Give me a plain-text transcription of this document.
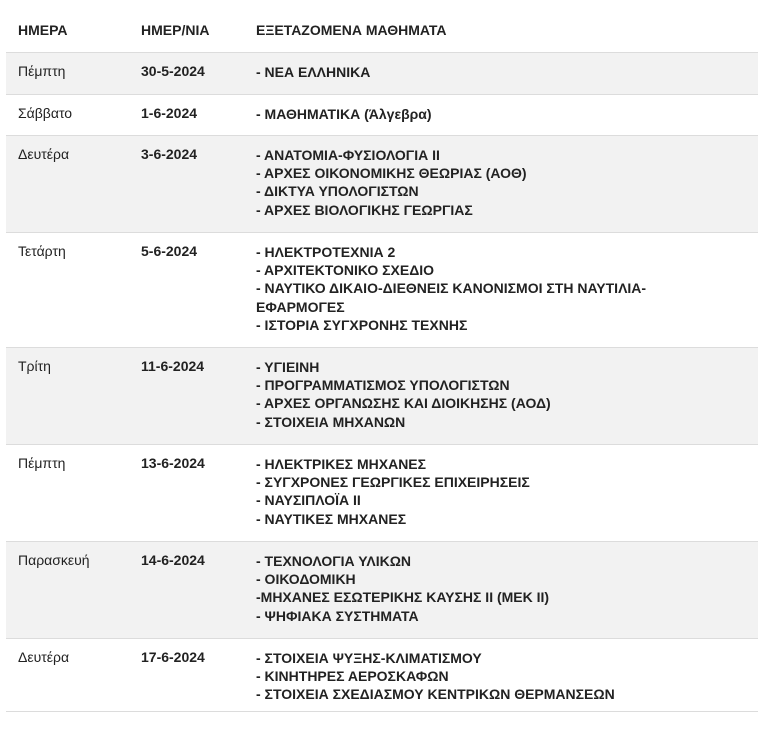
ΗΜΕΡΑ	ΗΜΕΡ/ΝΙΑ	ΕΞΕΤΑΖΟΜΕΝΑ ΜΑΘΗΜΑΤΑ
Πέμπτη	30-5-2024	- ΝΕΑ ΕΛΛΗΝΙΚΑ

Σάββατο	1-6-2024	- ΜΑΘΗΜΑΤΙΚΑ (Άλγεβρα)

Δευτέρα	3-6-2024	- ΑΝΑΤΟΜΙΑ-ΦΥΣΙΟΛΟΓΙΑ ΙΙ
- ΑΡΧΕΣ ΟΙΚΟΝΟΜΙΚΗΣ ΘΕΩΡΙΑΣ (ΑΟΘ)
- ΔΙΚΤΥΑ ΥΠΟΛΟΓΙΣΤΩΝ
- ΑΡΧΕΣ ΒΙΟΛΟΓΙΚΗΣ ΓΕΩΡΓΙΑΣ

Τετάρτη	5-6-2024	- ΗΛΕΚΤΡΟΤΕΧΝΙΑ 2
- ΑΡΧΙΤΕΚΤΟΝΙΚΟ ΣΧΕΔΙΟ
- ΝΑΥΤΙΚΟ ΔΙΚΑΙΟ-ΔΙΕΘΝΕΙΣ ΚΑΝΟΝΙΣΜΟΙ ΣΤΗ ΝΑΥΤΙΛΙΑ-ΕΦΑΡΜΟΓΕΣ
- ΙΣΤΟΡΙΑ ΣΥΓΧΡΟΝΗΣ ΤΕΧΝΗΣ

Τρίτη	11-6-2024	- ΥΓΙΕΙΝΗ
- ΠΡΟΓΡΑΜΜΑΤΙΣΜΟΣ ΥΠΟΛΟΓΙΣΤΩΝ
- ΑΡΧΕΣ ΟΡΓΑΝΩΣΗΣ ΚΑΙ ΔΙΟΙΚΗΣΗΣ (ΑΟΔ)
- ΣΤΟΙΧΕΙΑ ΜΗΧΑΝΩΝ

Πέμπτη	13-6-2024	- ΗΛΕΚΤΡΙΚΕΣ ΜΗΧΑΝΕΣ
- ΣΥΓΧΡΟΝΕΣ ΓΕΩΡΓΙΚΕΣ ΕΠΙΧΕΙΡΗΣΕΙΣ
- ΝΑΥΣΙΠΛΟΪΑ ΙΙ
- ΝΑΥΤΙΚΕΣ ΜΗΧΑΝΕΣ

Παρασκευή	14-6-2024	- ΤΕΧΝΟΛΟΓΙΑ ΥΛΙΚΩΝ
- ΟΙΚΟΔΟΜΙΚΗ
-ΜΗΧΑΝΕΣ ΕΣΩΤΕΡΙΚΗΣ ΚΑΥΣΗΣ ΙΙ (ΜΕΚ ΙΙ)
- ΨΗΦΙΑΚΑ ΣΥΣΤΗΜΑΤΑ

Δευτέρα	17-6-2024	- ΣΤΟΙΧΕΙΑ ΨΥΞΗΣ-ΚΛΙΜΑΤΙΣΜΟΥ
- ΚΙΝΗΤΗΡΕΣ ΑΕΡΟΣΚΑΦΩΝ
- ΣΤΟΙΧΕΙΑ ΣΧΕΔΙΑΣΜΟΥ ΚΕΝΤΡΙΚΩΝ ΘΕΡΜΑΝΣΕΩΝ
